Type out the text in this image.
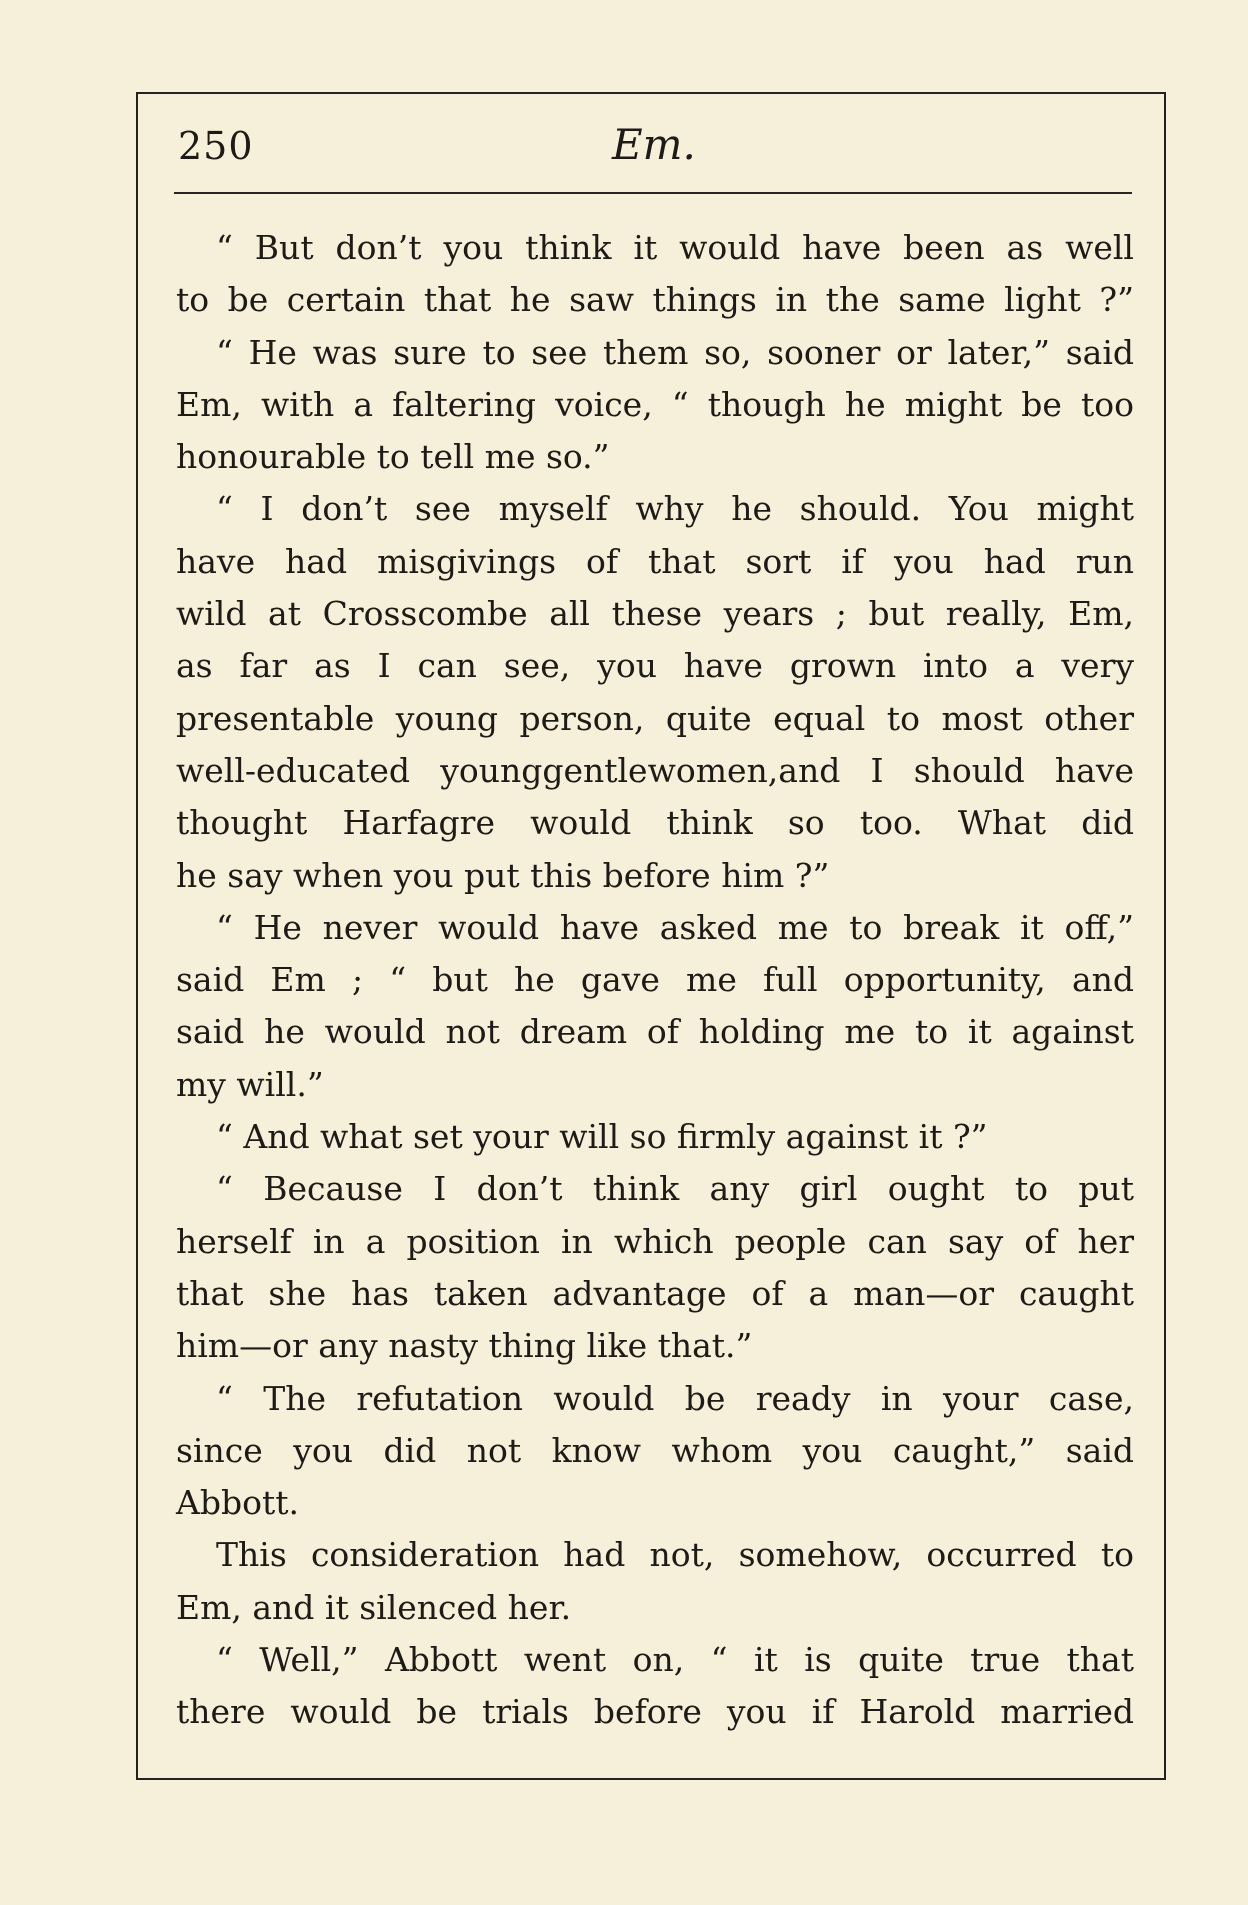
250	Em.
“ But don’t you think it would have been as well
to be certain that he saw things in the same light ?”
“ He was sure to see them so, sooner or later,” said
Em, with a faltering voice, “ though he might be too
honourable to tell me so.”
“ I don’t see myself why he should. You might
have had misgivings of that sort if you had run
wild at Crosscombe all these years ; but really, Em,
as far as I can see, you have grown into a very
presentable young person, quite equal to most other
well-educated younggentlewomen,and I should have
thought Harfagre would think so too. What did
he say when you put this before him ?”
“ He never would have asked me to break it off,”
said Em ; “ but he gave me full opportunity, and
said he would not dream of holding me to it against
my will.”
“ And what set your will so firmly against it ?”
“ Because I don’t think any girl ought to put
herself in a position in which people can say of her
that she has taken advantage of a man—or caught
him—or any nasty thing like that.”
“ The refutation would be ready in your case,
since you did not know whom you caught,” said
Abbott.
This consideration had not, somehow, occurred to
Em, and it silenced her.
“ Well,” Abbott went on, “ it is quite true that
there would be trials before you if Harold married
